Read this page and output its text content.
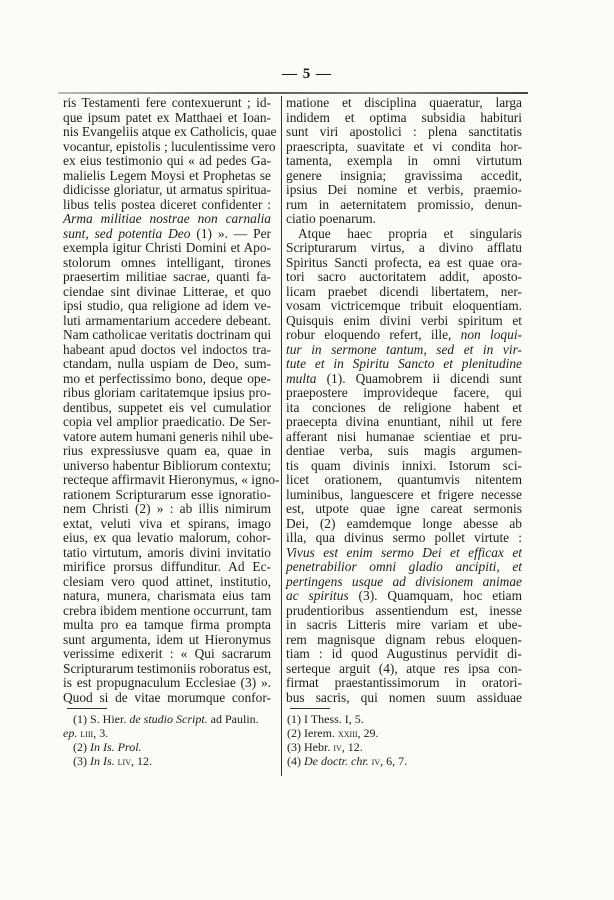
— 5 —
ris Testamenti fere contexuerunt ; id-
que ipsum patet ex Matthaei et Ioan-
nis Evangeliis atque ex Catholicis, quae
vocantur, epistolis ; luculentissime vero
ex eius testimonio qui « ad pedes Ga-
malielis Legem Moysi et Prophetas se
didicisse gloriatur, ut armatus spiritua-
libus telis postea diceret confidenter :
Arma militiae nostrae non carnalia
sunt, sed potentia Deo (1) ». — Per
exempla igitur Christi Domini et Apo-
stolorum omnes intelligant, tirones
praesertim militiae sacrae, quanti fa-
ciendae sint divinae Litterae, et quo
ipsi studio, qua religione ad idem ve-
luti armamentarium accedere debeant.
Nam catholicae veritatis doctrinam qui
habeant apud doctos vel indoctos tra-
ctandam, nulla uspiam de Deo, sum-
mo et perfectissimo bono, deque ope-
ribus gloriam caritatemque ipsius pro-
dentibus, suppetet eis vel cumulatior
copia vel amplior praedicatio. De Ser-
vatore autem humani generis nihil ube-
rius expressiusve quam ea, quae in
universo habentur Bibliorum contextu;
recteque affirmavit Hieronymus, « igno-
rationem Scripturarum esse ignoratio-
nem Christi (2) » : ab illis nimirum
extat, veluti viva et spirans, imago
eius, ex qua levatio malorum, cohor-
tatio virtutum, amoris divini invitatio
mirifice prorsus diffunditur. Ad Ec-
clesiam vero quod attinet, institutio,
natura, munera, charismata eius tam
crebra ibidem mentione occurrunt, tam
multa pro ea tamque firma prompta
sunt argumenta, idem ut Hieronymus
verissime edixerit : « Qui sacrarum
Scripturarum testimoniis roboratus est,
is est propugnaculum Ecclesiae (3) ».
Quod si de vitae morumque confor-
matione et disciplina quaeratur, larga
indidem et optima subsidia habituri
sunt viri apostolici : plena sanctitatis
praescripta, suavitate et vi condita hor-
tamenta, exempla in omni virtutum
genere insignia; gravissima accedit,
ipsius Dei nomine et verbis, praemio-
rum in aeternitatem promissio, denun-
ciatio poenarum.
Atque haec propria et singularis
Scripturarum virtus, a divino afflatu
Spiritus Sancti profecta, ea est quae ora-
tori sacro auctoritatem addit, aposto-
licam praebet dicendi libertatem, ner-
vosam victricemque tribuit eloquentiam.
Quisquis enim divini verbi spiritum et
robur eloquendo refert, ille, non loqui-
tur in sermone tantum, sed et in vir-
tute et in Spiritu Sancto et plenitudine
multa (1). Quamobrem ii dicendi sunt
praepostere improvideque facere, qui
ita conciones de religione habent et
praecepta divina enuntiant, nihil ut fere
afferant nisi humanae scientiae et pru-
dentiae verba, suis magis argumen-
tis quam divinis innixi. Istorum sci-
licet orationem, quantumvis nitentem
luminibus, languescere et frigere necesse
est, utpote quae igne careat sermonis
Dei, (2) eamdemque longe abesse ab
illa, qua divinus sermo pollet virtute :
Vivus est enim sermo Dei et efficax et
penetrabilior omni gladio ancipiti, et
pertingens usque ad divisionem animae
ac spiritus (3). Quamquam, hoc etiam
prudentioribus assentiendum est, inesse
in sacris Litteris mire variam et ube-
rem magnisque dignam rebus eloquen-
tiam : id quod Augustinus pervidit di-
serteque arguit (4), atque res ipsa con-
firmat praestantissimorum in oratori-
bus sacris, qui nomen suum assiduae
(1) S. Hier. de studio Script. ad Paulin.
ep. liii, 3.
(2) In Is. Prol.
(3) In Is. liv, 12.
(1) I Thess. I, 5.
(2) Ierem. xxiii, 29.
(3) Hebr. iv, 12.
(4) De doctr. chr. iv, 6, 7.
